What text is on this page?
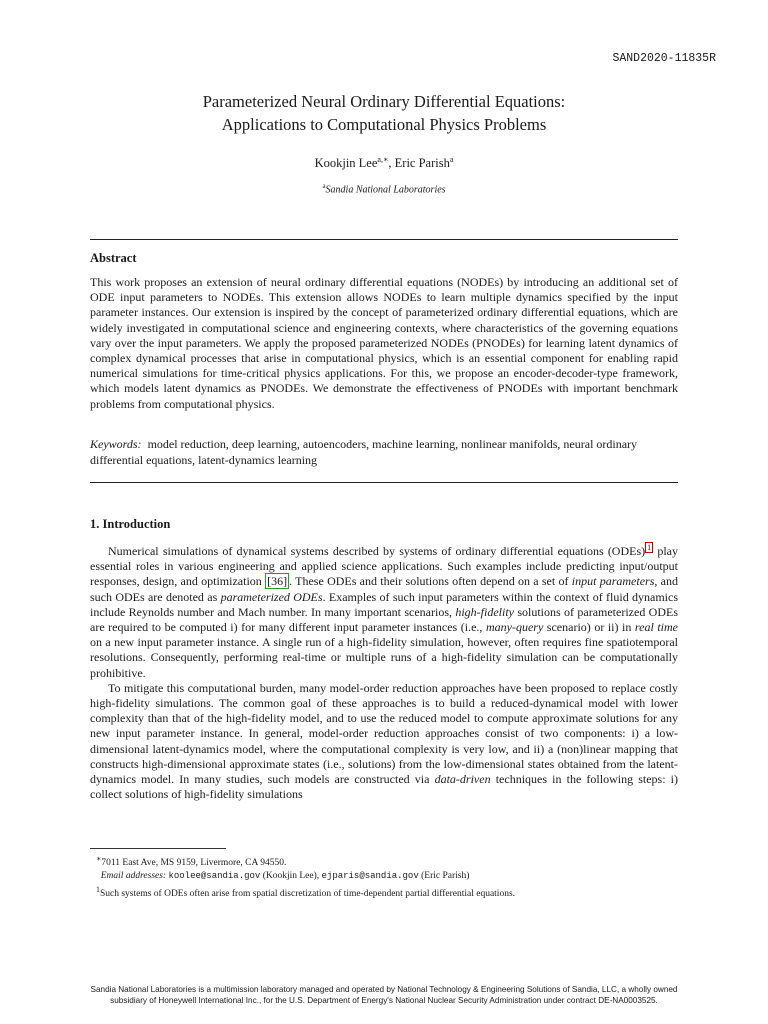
SAND2020-11835R
Parameterized Neural Ordinary Differential Equations:
Applications to Computational Physics Problems
Kookjin Lee$^{a,∗}$, Eric Parish$^a$
$^a$Sandia National Laboratories
Abstract
This work proposes an extension of neural ordinary differential equations (NODEs) by introducing an additional set of ODE input parameters to NODEs. This extension allows NODEs to learn multiple dynamics specified by the input parameter instances. Our extension is inspired by the concept of parameterized ordinary differential equations, which are widely investigated in computational science and engineering contexts, where characteristics of the governing equations vary over the input parameters. We apply the proposed parameterized NODEs (PNODEs) for learning latent dynamics of complex dynamical processes that arise in computational physics, which is an essential component for enabling rapid numerical simulations for time-critical physics applications. For this, we propose an encoder-decoder-type framework, which models latent dynamics as PNODEs. We demonstrate the effectiveness of PNODEs with important benchmark problems from computational physics.
Keywords: model reduction, deep learning, autoencoders, machine learning, nonlinear manifolds, neural ordinary differential equations, latent-dynamics learning
1. Introduction

Numerical simulations of dynamical systems described by systems of ordinary differential equations (ODEs) $^1$ play essential roles in various engineering and applied science applications. Such examples include predicting input/output responses, design, and optimization [36] . These ODEs and their solutions often depend on a set of input parameters, and such ODEs are denoted as parameterized ODEs. Examples of such input parameters within the context of fluid dynamics include Reynolds number and Mach number. In many important scenarios, high-fidelity solutions of parameterized ODEs are required to be computed i) for many different input parameter instances (i.e., many-query scenario) or ii) in real time on a new input parameter instance. A single run of a high-fidelity simulation, however, often requires fine spatiotemporal resolutions. Consequently, performing real-time or multiple runs of a high-fidelity simulation can be computationally prohibitive.

To mitigate this computational burden, many model-order reduction approaches have been proposed to replace costly high-fidelity simulations. The common goal of these approaches is to build a reduced-dynamical model with lower complexity than that of the high-fidelity model, and to use the reduced model to compute approximate solutions for any new input parameter instance. In general, model-order reduction approaches consist of two components: i) a low-dimensional latent-dynamics model, where the computational complexity is very low, and ii) a (non)linear mapping that constructs high-dimensional approximate states (i.e., solutions) from the low-dimensional states obtained from the latent-dynamics model. In many studies, such models are constructed via data-driven techniques in the following steps: i) collect solutions of high-fidelity simulations

∗7011 East Ave, MS 9159, Livermore, CA 94550.
Email addresses: koolee@sandia.gov (Kookjin Lee), ejparis@sandia.gov (Eric Parish)
$^1$Such systems of ODEs often arise from spatial discretization of time-dependent partial differential equations.
Sandia National Laboratories is a multimission laboratory managed and operated by National Technology & Engineering Solutions of Sandia, LLC, a wholly owned
subsidiary of Honeywell International Inc., for the U.S. Department of Energy's National Nuclear Security Administration under contract DE-NA0003525.
